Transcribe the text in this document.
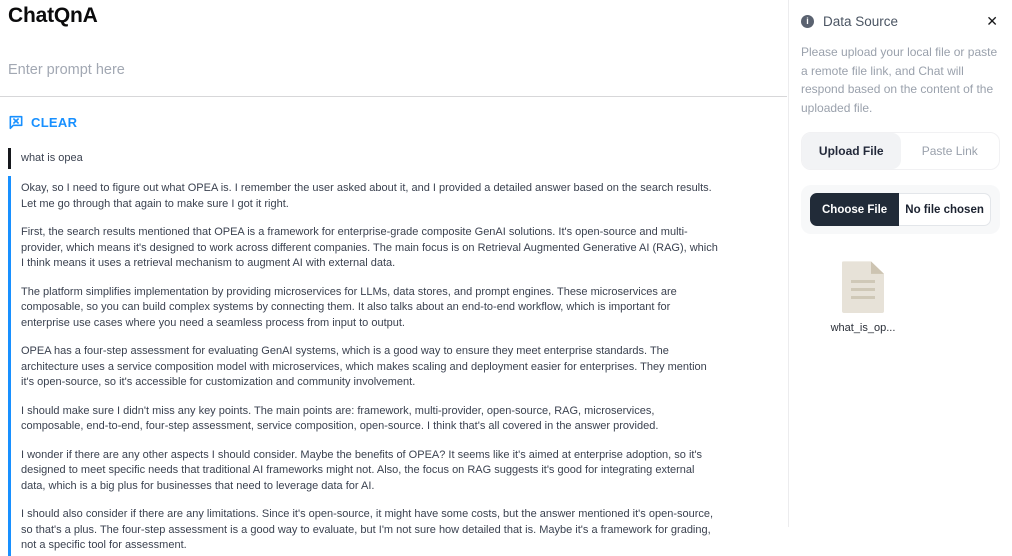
ChatQnA
Enter prompt here
CLEAR
what is opea

Okay, so I need to figure out what OPEA is. I remember the user asked about it, and I provided a detailed answer based on the search results. Let me go through that again to make sure I got it right.

First, the search results mentioned that OPEA is a framework for enterprise-grade composite GenAI solutions. It's open-source and multi-provider, which means it's designed to work across different companies. The main focus is on Retrieval Augmented Generative AI (RAG), which I think means it uses a retrieval mechanism to augment AI with external data.

The platform simplifies implementation by providing microservices for LLMs, data stores, and prompt engines. These microservices are composable, so you can build complex systems by connecting them. It also talks about an end-to-end workflow, which is important for enterprise use cases where you need a seamless process from input to output.

OPEA has a four-step assessment for evaluating GenAI systems, which is a good way to ensure they meet enterprise standards. The architecture uses a service composition model with microservices, which makes scaling and deployment easier for enterprises. They mention it's open-source, so it's accessible for customization and community involvement.

I should make sure I didn't miss any key points. The main points are: framework, multi-provider, open-source, RAG, microservices, composable, end-to-end, four-step assessment, service composition, open-source. I think that's all covered in the answer provided.

I wonder if there are any other aspects I should consider. Maybe the benefits of OPEA? It seems like it's aimed at enterprise adoption, so it's designed to meet specific needs that traditional AI frameworks might not. Also, the focus on RAG suggests it's good for integrating external data, which is a big plus for businesses that need to leverage data for AI.

I should also consider if there are any limitations. Since it's open-source, it might have some costs, but the answer mentioned it's open-source, so that's a plus. The four-step assessment is a good way to evaluate, but I'm not sure how detailed that is. Maybe it's a framework for grading, not a specific tool for assessment.

i	Data Source	✕
Please upload your local file or paste a remote file link, and Chat will respond based on the content of the uploaded file.
Upload File	Paste Link
Choose File	No file chosen
what_is_op...
